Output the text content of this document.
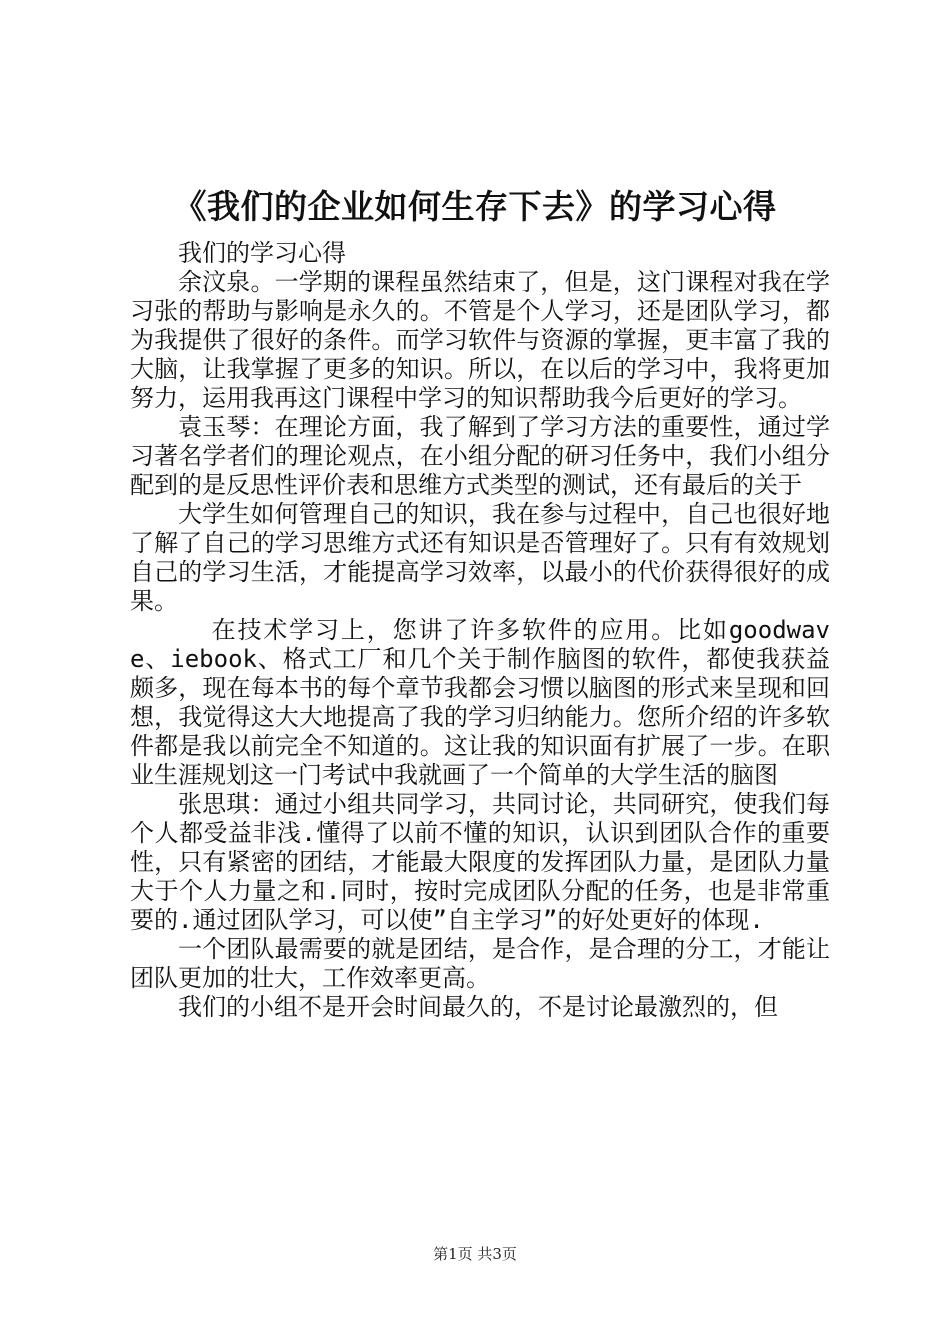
《我们的企业如何生存下去》的学习心得

我们的学习心得

余汶泉。一学期的课程虽然结束了，但是，这门课程对我在学习张的帮助与影响是永久的。不管是个人学习，还是团队学习，都为我提供了很好的条件。而学习软件与资源的掌握，更丰富了我的大脑，让我掌握了更多的知识。所以，在以后的学习中，我将更加努力，运用我再这门课程中学习的知识帮助我今后更好的学习。

袁玉琴：在理论方面，我了解到了学习方法的重要性，通过学习著名学者们的理论观点，在小组分配的研习任务中，我们小组分配到的是反思性评价表和思维方式类型的测试，还有最后的关于

大学生如何管理自己的知识，我在参与过程中，自己也很好地了解了自己的学习思维方式还有知识是否管理好了。只有有效规划自己的学习生活，才能提高学习效率，以最小的代价获得很好的成果。

在技术学习上，您讲了许多软件的应用。比如goodwave、iebook、格式工厂和几个关于制作脑图的软件，都使我获益颇多，现在每本书的每个章节我都会习惯以脑图的形式来呈现和回想，我觉得这大大地提高了我的学习归纳能力。您所介绍的许多软件都是我以前完全不知道的。这让我的知识面有扩展了一步。在职业生涯规划这一门考试中我就画了一个简单的大学生活的脑图

张思琪：通过小组共同学习，共同讨论，共同研究，使我们每个人都受益非浅.懂得了以前不懂的知识，认识到团队合作的重要性，只有紧密的团结，才能最大限度的发挥团队力量，是团队力量大于个人力量之和.同时，按时完成团队分配的任务，也是非常重要的.通过团队学习，可以使”自主学习”的好处更好的体现.

一个团队最需要的就是团结，是合作，是合理的分工，才能让团队更加的壮大，工作效率更高。

我们的小组不是开会时间最久的，不是讨论最激烈的，但

第1页 共3页
